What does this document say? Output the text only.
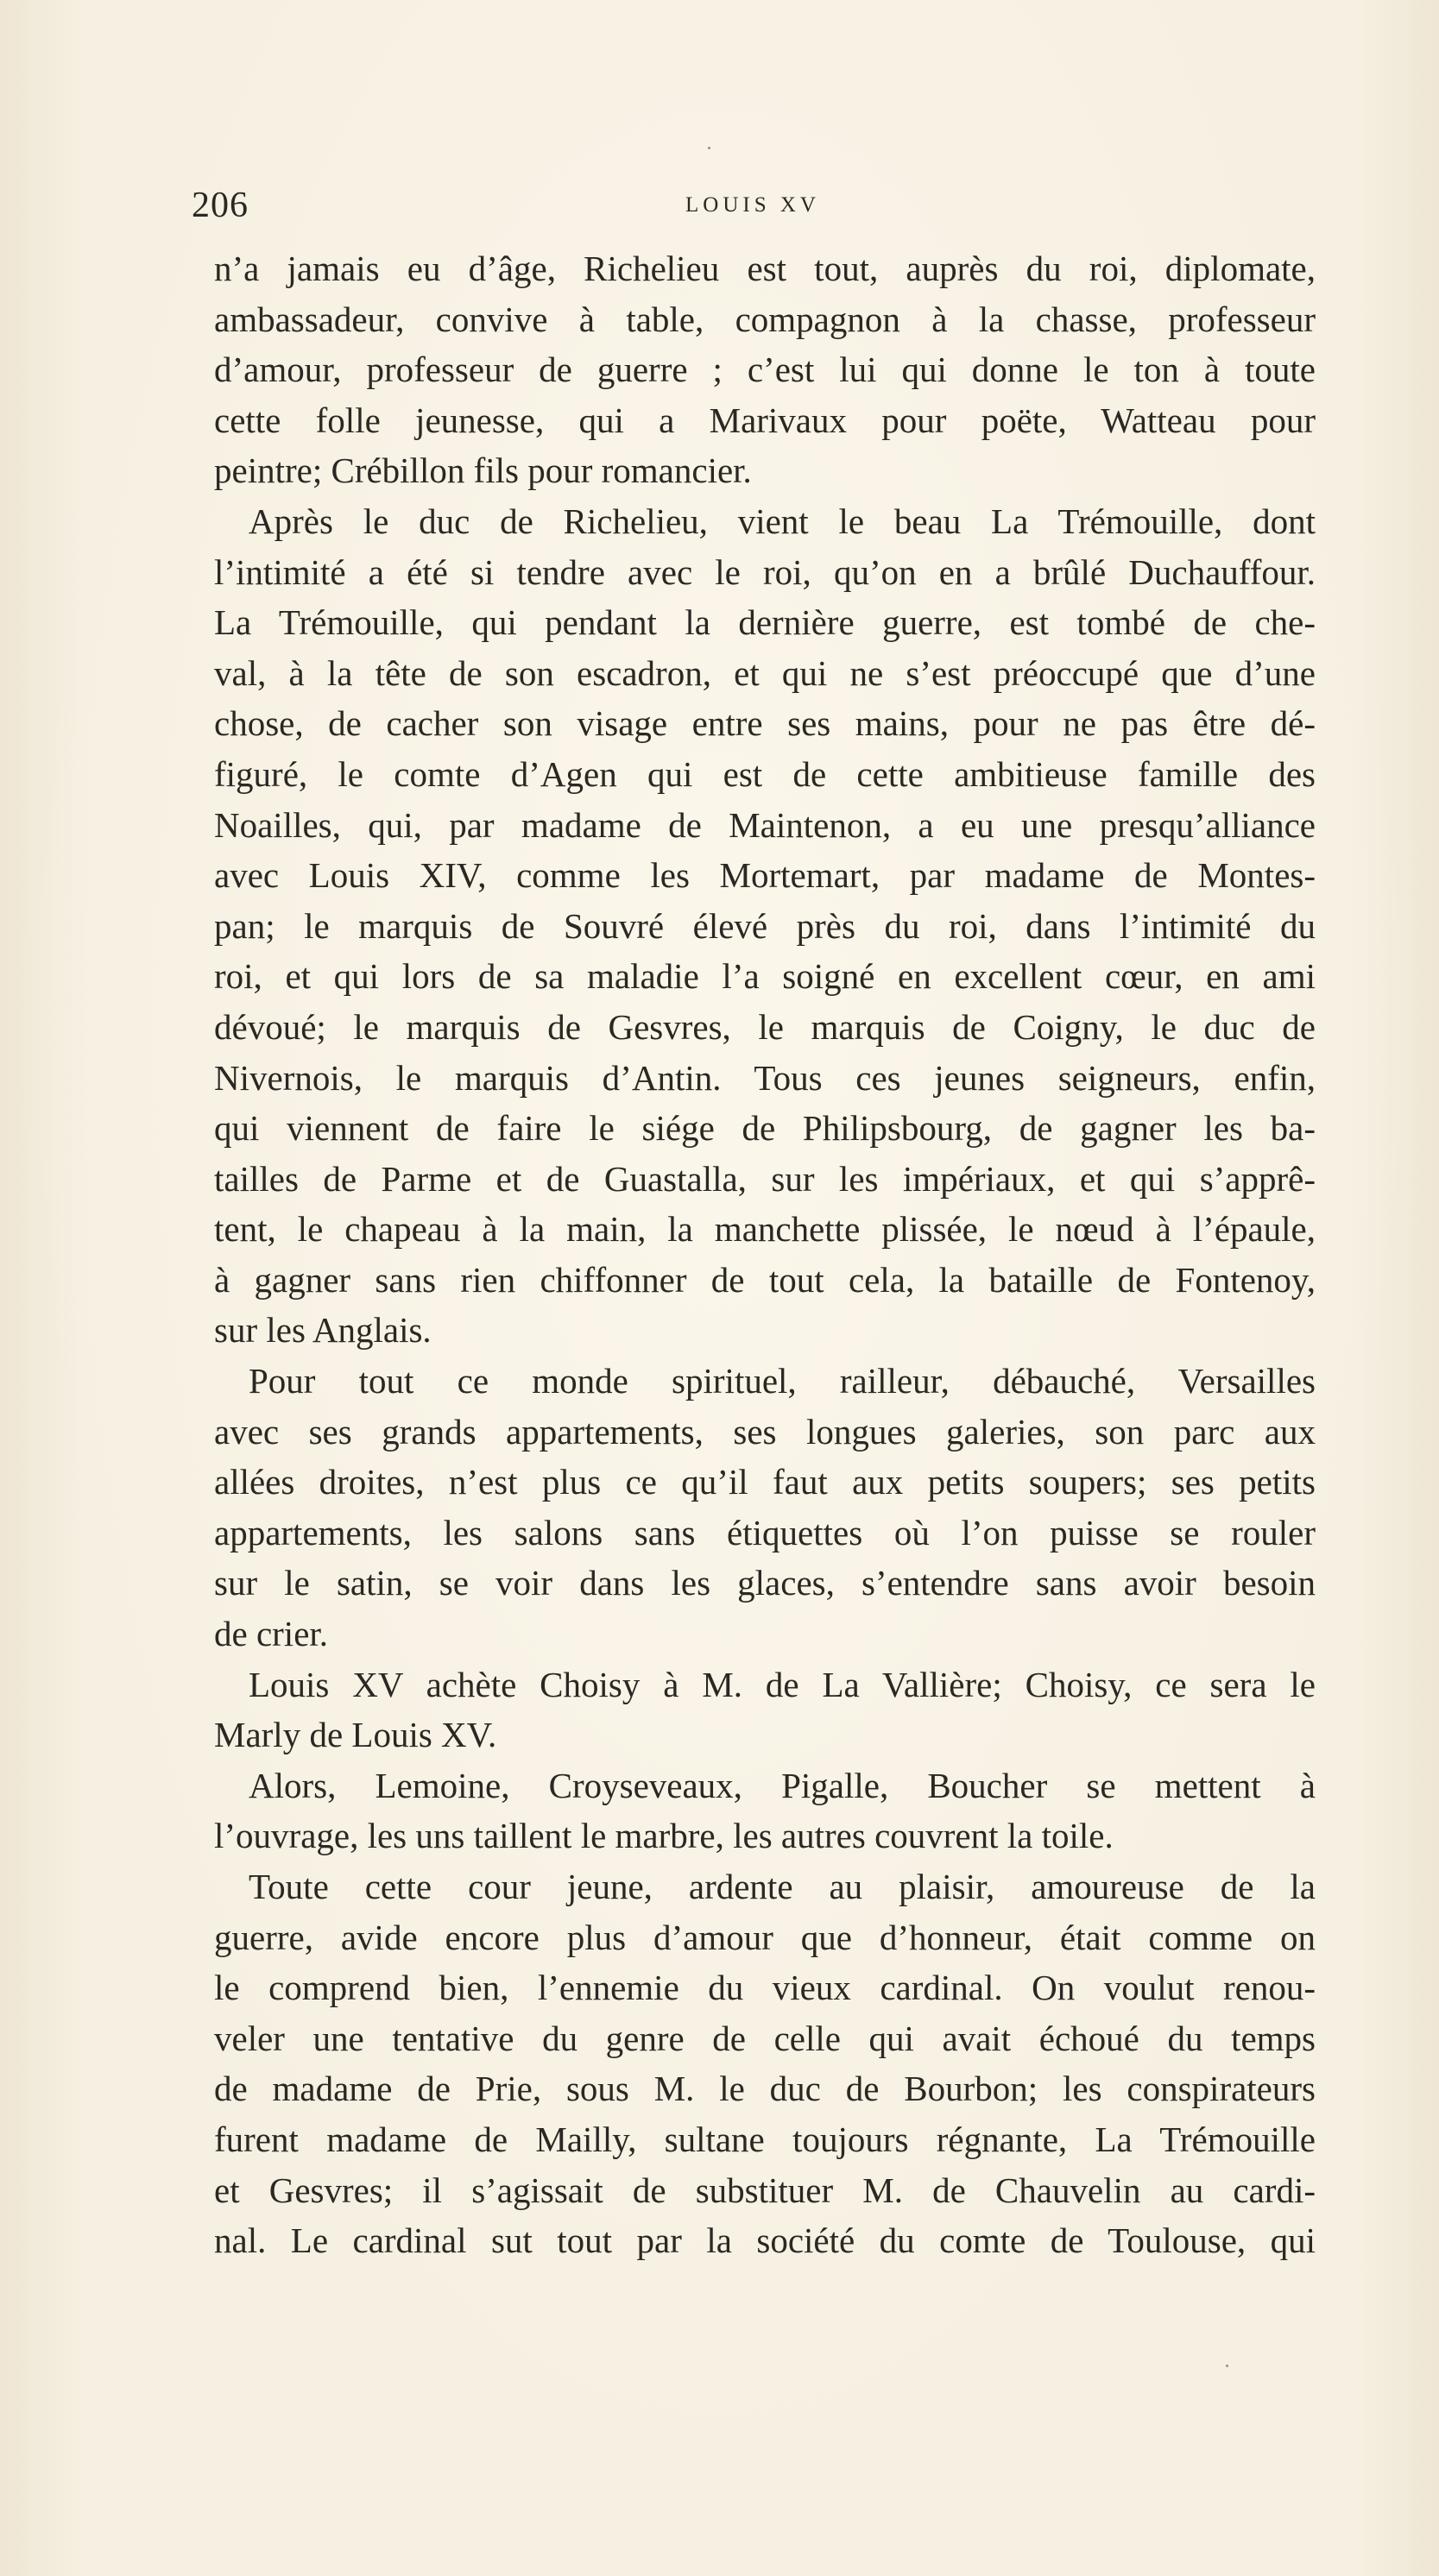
206	LOUIS XV
n’a jamais eu d’âge, Richelieu est tout, auprès du roi, diplomate,
ambassadeur, convive à table, compagnon à la chasse, professeur
d’amour, professeur de guerre ; c’est lui qui donne le ton à toute
cette folle jeunesse, qui a Marivaux pour poëte, Watteau pour
peintre; Crébillon fils pour romancier.
Après le duc de Richelieu, vient le beau La Trémouille, dont
l’intimité a été si tendre avec le roi, qu’on en a brûlé Duchauffour.
La Trémouille, qui pendant la dernière guerre, est tombé de che-
val, à la tête de son escadron, et qui ne s’est préoccupé que d’une
chose, de cacher son visage entre ses mains, pour ne pas être dé-
figuré, le comte d’Agen qui est de cette ambitieuse famille des
Noailles, qui, par madame de Maintenon, a eu une presqu’alliance
avec Louis XIV, comme les Mortemart, par madame de Montes-
pan; le marquis de Souvré élevé près du roi, dans l’intimité du
roi, et qui lors de sa maladie l’a soigné en excellent cœur, en ami
dévoué; le marquis de Gesvres, le marquis de Coigny, le duc de
Nivernois, le marquis d’Antin. Tous ces jeunes seigneurs, enfin,
qui viennent de faire le siége de Philipsbourg, de gagner les ba-
tailles de Parme et de Guastalla, sur les impériaux, et qui s’apprê-
tent, le chapeau à la main, la manchette plissée, le nœud à l’épaule,
à gagner sans rien chiffonner de tout cela, la bataille de Fontenoy,
sur les Anglais.
Pour tout ce monde spirituel, railleur, débauché, Versailles
avec ses grands appartements, ses longues galeries, son parc aux
allées droites, n’est plus ce qu’il faut aux petits soupers; ses petits
appartements, les salons sans étiquettes où l’on puisse se rouler
sur le satin, se voir dans les glaces, s’entendre sans avoir besoin
de crier.
Louis XV achète Choisy à M. de La Vallière; Choisy, ce sera le
Marly de Louis XV.
Alors, Lemoine, Croyseveaux, Pigalle, Boucher se mettent à
l’ouvrage, les uns taillent le marbre, les autres couvrent la toile.
Toute cette cour jeune, ardente au plaisir, amoureuse de la
guerre, avide encore plus d’amour que d’honneur, était comme on
le comprend bien, l’ennemie du vieux cardinal. On voulut renou-
veler une tentative du genre de celle qui avait échoué du temps
de madame de Prie, sous M. le duc de Bourbon; les conspirateurs
furent madame de Mailly, sultane toujours régnante, La Trémouille
et Gesvres; il s’agissait de substituer M. de Chauvelin au cardi-
nal. Le cardinal sut tout par la société du comte de Toulouse, qui
